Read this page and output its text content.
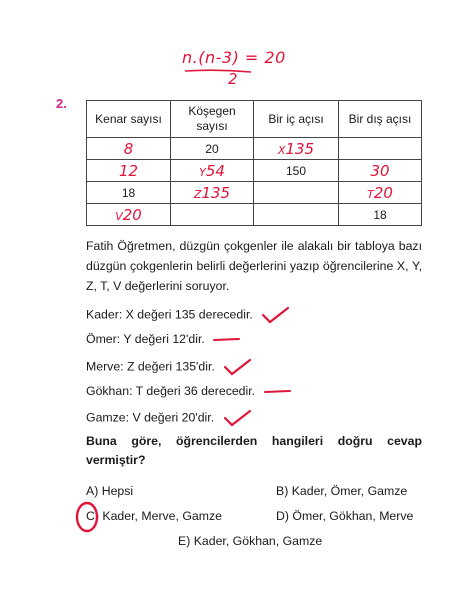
2.
n.(n-3) = 20
2
Kenar sayısı	Köşegen sayısı	Bir iç açısı	Bir dış açısı
8	20	X135	
12	Y54	150	30
18	Z135		T20
V20			18
Fatih Öğretmen, düzgün çokgenler ile alakalı bir tabloya bazı düzgün çokgenlerin belirli değerlerini yazıp öğrencilerine X, Y, Z, T, V değerlerini soruyor.
Kader: X değeri 135 derecedir.
Ömer: Y değeri 12'dir.
Merve: Z değeri 135'dir.
Gökhan: T değeri 36 derecedir.
Gamze: V değeri 20'dir.
Buna göre, öğrencilerden hangileri doğru cevap vermiştir?
A) Hepsi	B) Kader, Ömer, Gamze
C) Kader, Merve, Gamze	D) Ömer, Gökhan, Merve
E) Kader, Gökhan, Gamze
